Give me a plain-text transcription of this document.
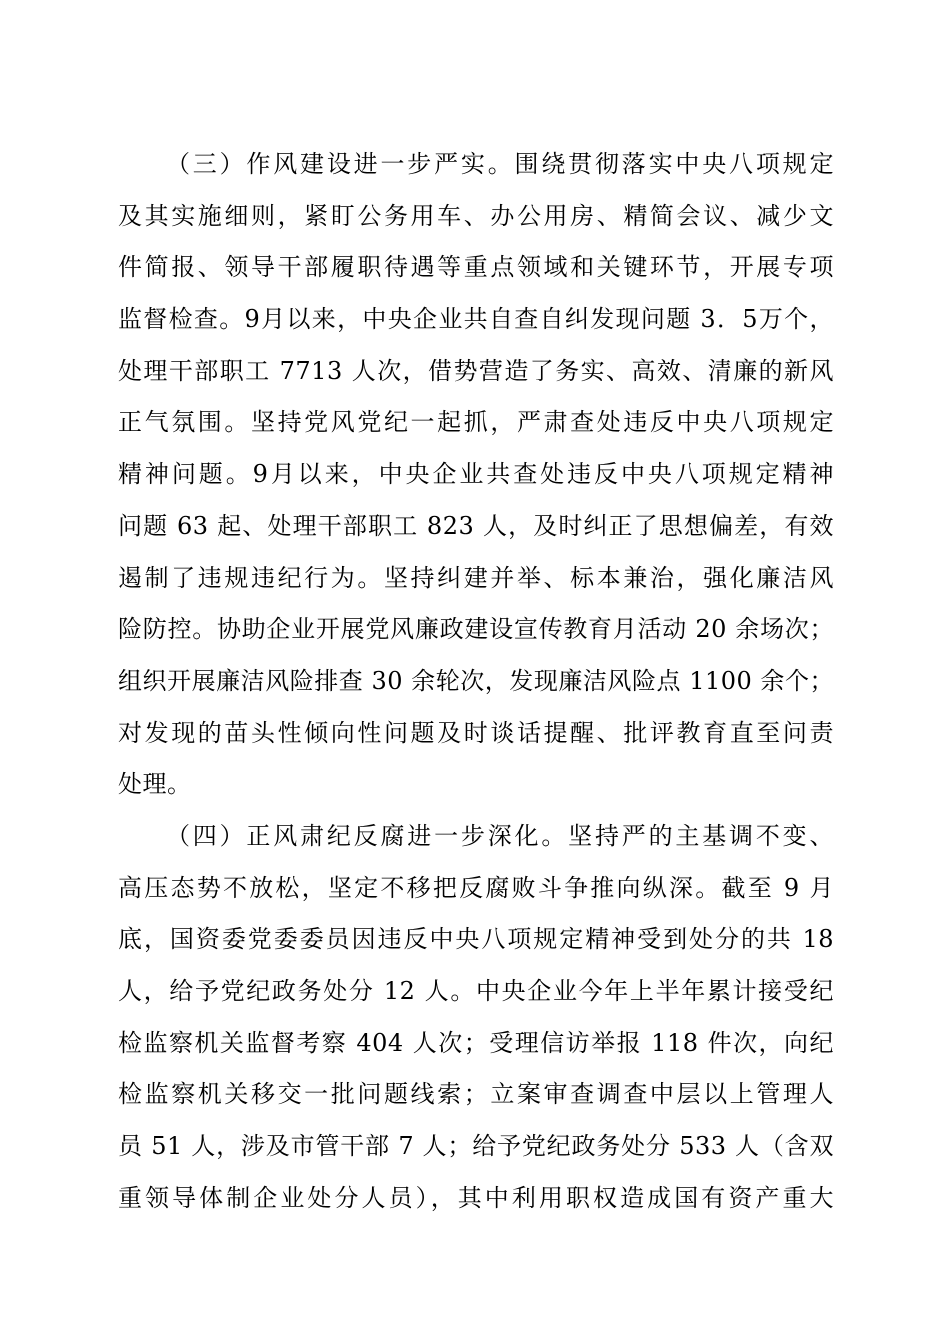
（三）作风建设进一步严实。围绕贯彻落实中央八项规定
及其实施细则，紧盯公务用车、办公用房、精简会议、减少文
件简报、领导干部履职待遇等重点领域和关键环节，开展专项
监督检查。9月以来，中央企业共自查自纠发现问题 3．5万个，
处理干部职工 7713 人次，借势营造了务实、高效、清廉的新风
正气氛围。坚持党风党纪一起抓，严肃查处违反中央八项规定
精神问题。9月以来，中央企业共查处违反中央八项规定精神
问题 63 起、处理干部职工 823 人，及时纠正了思想偏差，有效
遏制了违规违纪行为。坚持纠建并举、标本兼治，强化廉洁风
险防控。协助企业开展党风廉政建设宣传教育月活动 20 余场次；
组织开展廉洁风险排查 30 余轮次，发现廉洁风险点 1100 余个；
对发现的苗头性倾向性问题及时谈话提醒、批评教育直至问责
处理。
（四）正风肃纪反腐进一步深化。坚持严的主基调不变、
高压态势不放松，坚定不移把反腐败斗争推向纵深。截至 9 月
底，国资委党委委员因违反中央八项规定精神受到处分的共 18
人，给予党纪政务处分 12 人。中央企业今年上半年累计接受纪
检监察机关监督考察 404 人次；受理信访举报 118 件次，向纪
检监察机关移交一批问题线索；立案审查调查中层以上管理人
员 51 人，涉及市管干部 7 人；给予党纪政务处分 533 人（含双
重领导体制企业处分人员），其中利用职权造成国有资产重大
